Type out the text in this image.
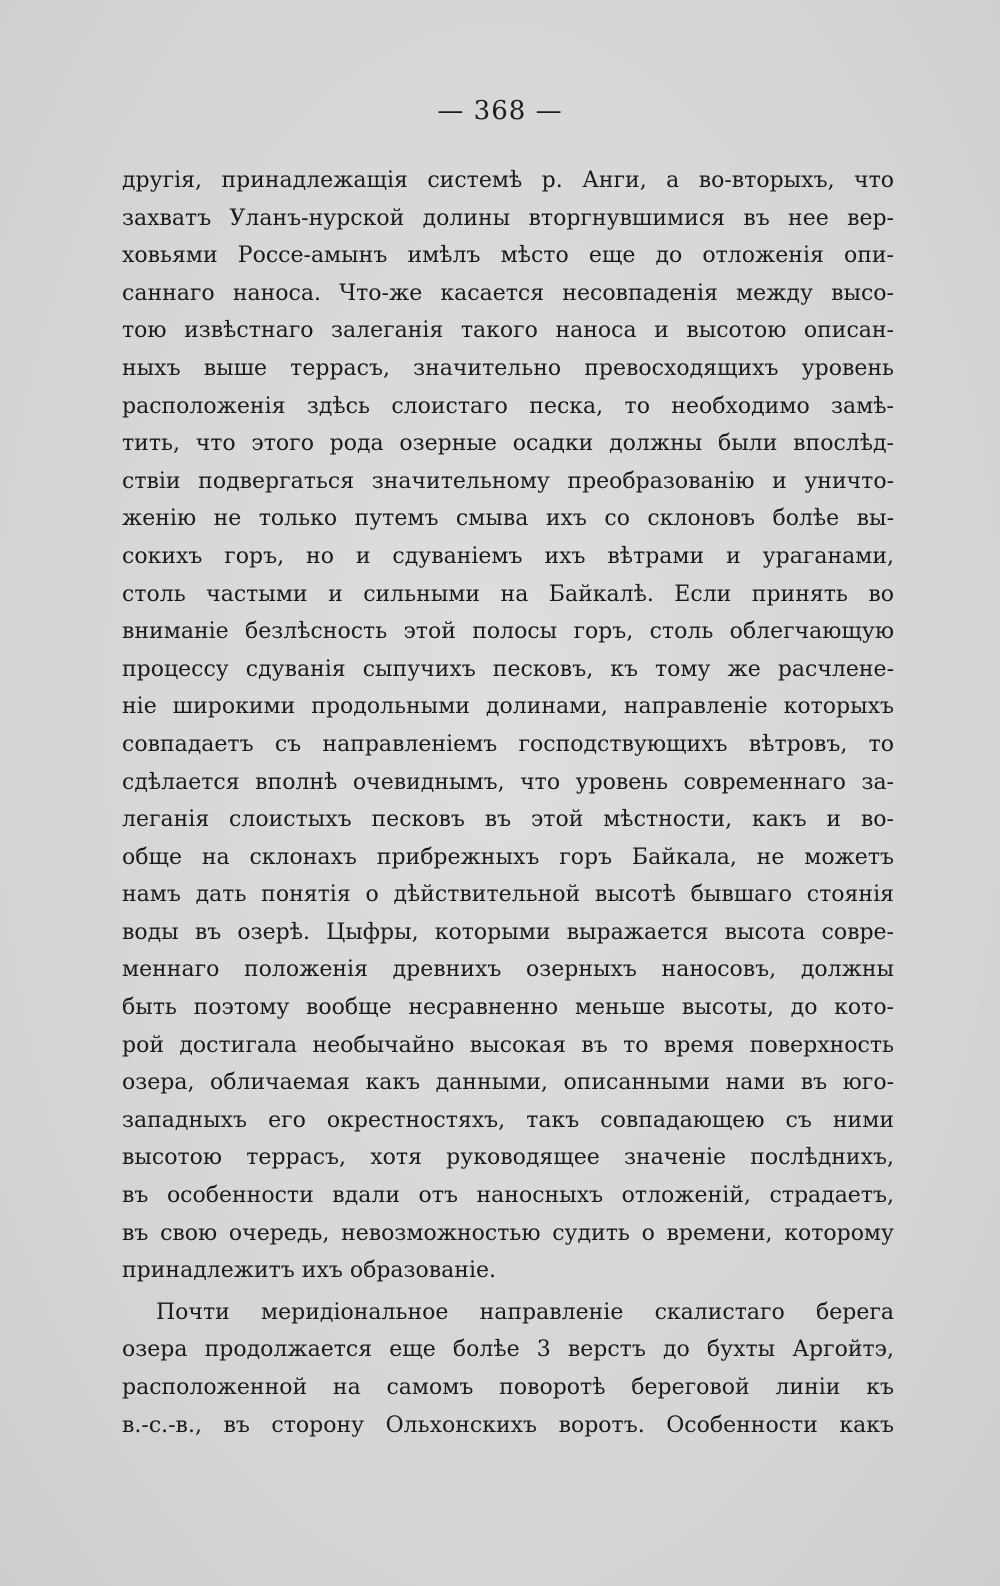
— 368 —
другія, принадлежащія системѣ р. Анги, а во-вторыхъ, что
захватъ Уланъ-нурской долины вторгнувшимися въ нее вер-
ховьями Россе-амынъ имѣлъ мѣсто еще до отложенія опи-
саннаго наноса. Что-же касается несовпаденія между высо-
тою извѣстнаго залеганія такого наноса и высотою описан-
ныхъ выше террасъ, значительно превосходящихъ уровень
расположенія здѣсь слоистаго песка, то необходимо замѣ-
тить, что этого рода озерные осадки должны были впослѣд-
ствіи подвергаться значительному преобразованію и уничто-
женію не только путемъ смыва ихъ со склоновъ болѣе вы-
сокихъ горъ, но и сдуваніемъ ихъ вѣтрами и ураганами,
столь частыми и сильными на Байкалѣ. Если принять во
вниманіе безлѣсность этой полосы горъ, столь облегчающую
процессу сдуванія сыпучихъ песковъ, къ тому же расчлене-
ніе широкими продольными долинами, направленіе которыхъ
совпадаетъ съ направленіемъ господствующихъ вѣтровъ, то
сдѣлается вполнѣ очевиднымъ, что уровень современнаго за-
леганія слоистыхъ песковъ въ этой мѣстности, какъ и во-
обще на склонахъ прибрежныхъ горъ Байкала, не можетъ
намъ дать понятія о дѣйствительной высотѣ бывшаго стоянія
воды въ озерѣ. Цыфры, которыми выражается высота совре-
меннаго положенія древнихъ озерныхъ наносовъ, должны
быть поэтому вообще несравненно меньше высоты, до кото-
рой достигала необычайно высокая въ то время поверхность
озера, обличаемая какъ данными, описанными нами въ юго-
западныхъ его окрестностяхъ, такъ совпадающею съ ними
высотою террасъ, хотя руководящее значеніе послѣднихъ,
въ особенности вдали отъ наносныхъ отложеній, страдаетъ,
въ свою очередь, невозможностью судить о времени, которому
принадлежитъ ихъ образованіе.
Почти меридіональное направленіе скалистаго берега
озера продолжается еще болѣе 3 верстъ до бухты Аргойтэ,
расположенной на самомъ поворотѣ береговой линіи къ
в.-с.-в., въ сторону Ольхонскихъ воротъ. Особенности какъ
